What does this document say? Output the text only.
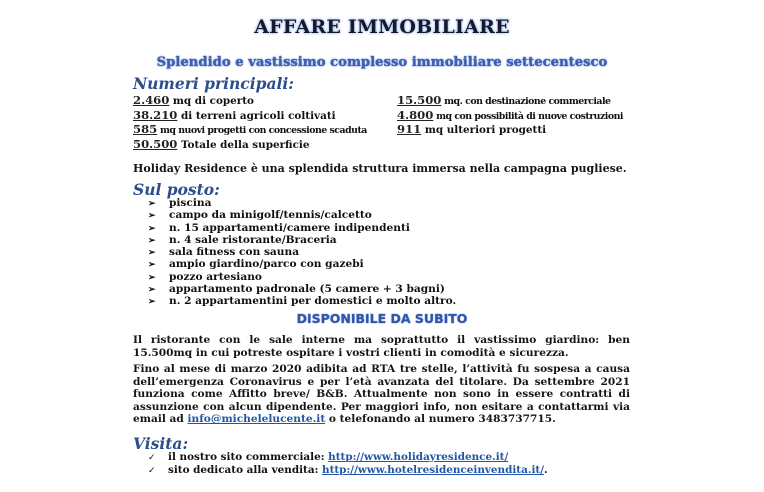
AFFARE IMMOBILIARE
Splendido e vastissimo complesso immobiliare settecentesco
Numeri principali:
2.460 mq di coperto
38.210 di terreni agricoli coltivati
585 mq nuovi progetti con concessione scaduta
50.500 Totale della superficie
15.500 mq. con destinazione commerciale
4.800 mq con possibilità di nuove costruzioni
911 mq ulteriori progetti
Holiday Residence è una splendida struttura immersa nella campagna pugliese.
Sul posto:
➢ piscina
➢ campo da minigolf/tennis/calcetto
➢ n. 15 appartamenti/camere indipendenti
➢ n. 4 sale ristorante/Braceria
➢ sala fitness con sauna
➢ ampio giardino/parco con gazebi
➢ pozzo artesiano
➢ appartamento padronale (5 camere + 3 bagni)
➢ n. 2 appartamentini per domestici e molto altro.
DISPONIBILE DA SUBITO
Il ristorante con le sale interne ma soprattutto il vastissimo giardino: ben 15.500mq in cui potreste ospitare i vostri clienti in comodità e sicurezza.
Fino al mese di marzo 2020 adibita ad RTA tre stelle, l’attività fu sospesa a causa dell’emergenza Coronavirus e per l’età avanzata del titolare. Da settembre 2021 funziona come Affitto breve/ B&B. Attualmente non sono in essere contratti di assunzione con alcun dipendente. Per maggiori info, non esitare a contattarmi via email ad info@michelelucente.it o telefonando al numero 3483737715.
Visita:
✓ il nostro sito commerciale: http://www.holidayresidence.it/
✓ sito dedicato alla vendita: http://www.hotelresidenceinvendita.it/.
